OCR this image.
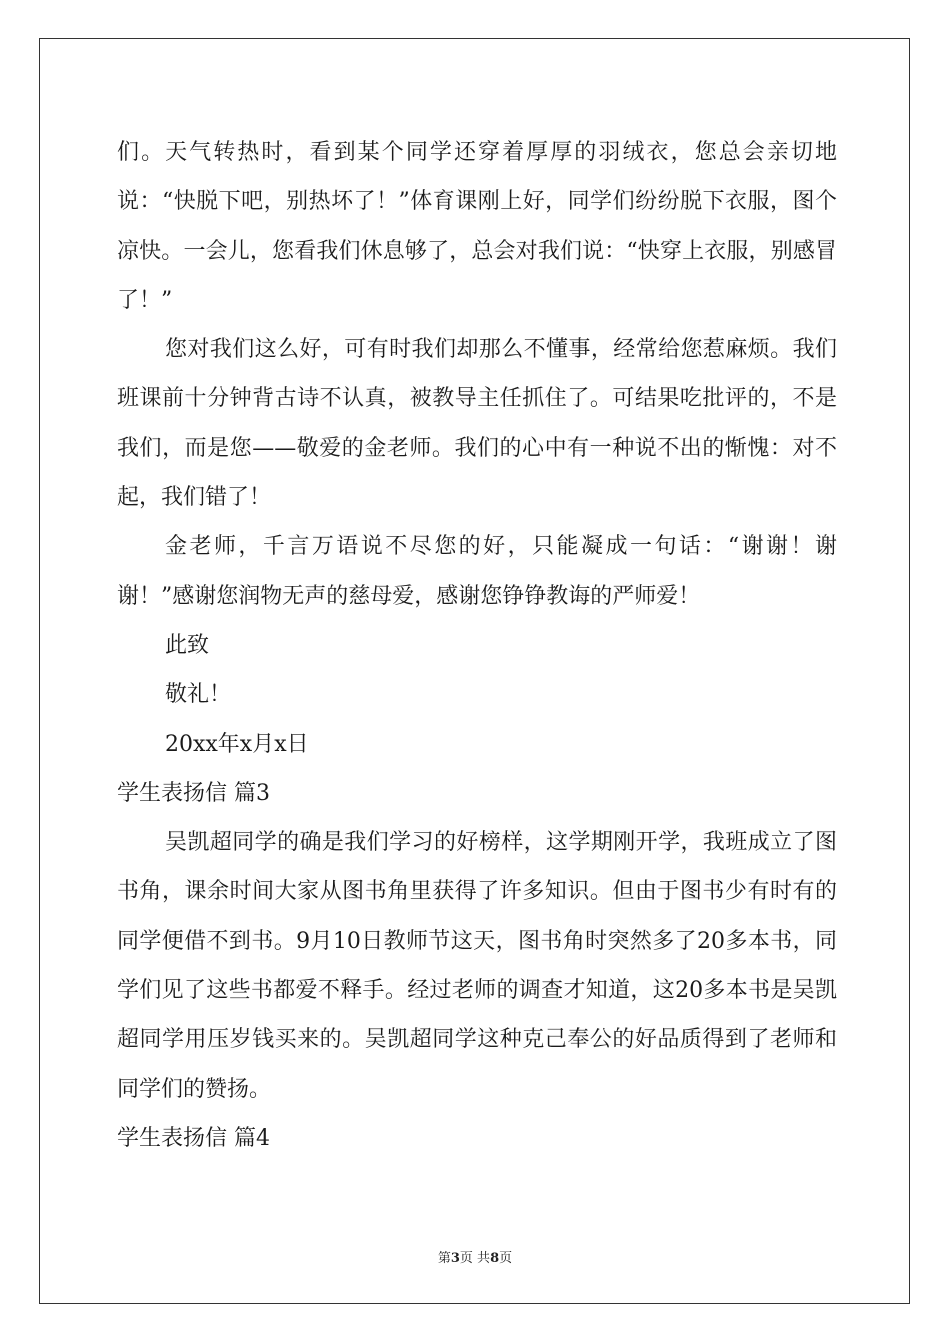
们。天气转热时，看到某个同学还穿着厚厚的羽绒衣，您总会亲切地说：“快脱下吧，别热坏了！”体育课刚上好，同学们纷纷脱下衣服，图个凉快。一会儿，您看我们休息够了，总会对我们说：“快穿上衣服，别感冒了！”

您对我们这么好，可有时我们却那么不懂事，经常给您惹麻烦。我们班课前十分钟背古诗不认真，被教导主任抓住了。可结果吃批评的，不是我们，而是您——敬爱的金老师。我们的心中有一种说不出的惭愧：对不起，我们错了！

金老师，千言万语说不尽您的好，只能凝成一句话：“谢谢！谢谢！”感谢您润物无声的慈母爱，感谢您铮铮教诲的严师爱！

此致

敬礼！

20xx年x月x日

学生表扬信 篇3

吴凯超同学的确是我们学习的好榜样，这学期刚开学，我班成立了图书角，课余时间大家从图书角里获得了许多知识。但由于图书少有时有的同学便借不到书。9月10日教师节这天，图书角时突然多了20多本书，同学们见了这些书都爱不释手。经过老师的调查才知道，这20多本书是吴凯超同学用压岁钱买来的。吴凯超同学这种克己奉公的好品质得到了老师和同学们的赞扬。

学生表扬信 篇4

第3页 共8页
